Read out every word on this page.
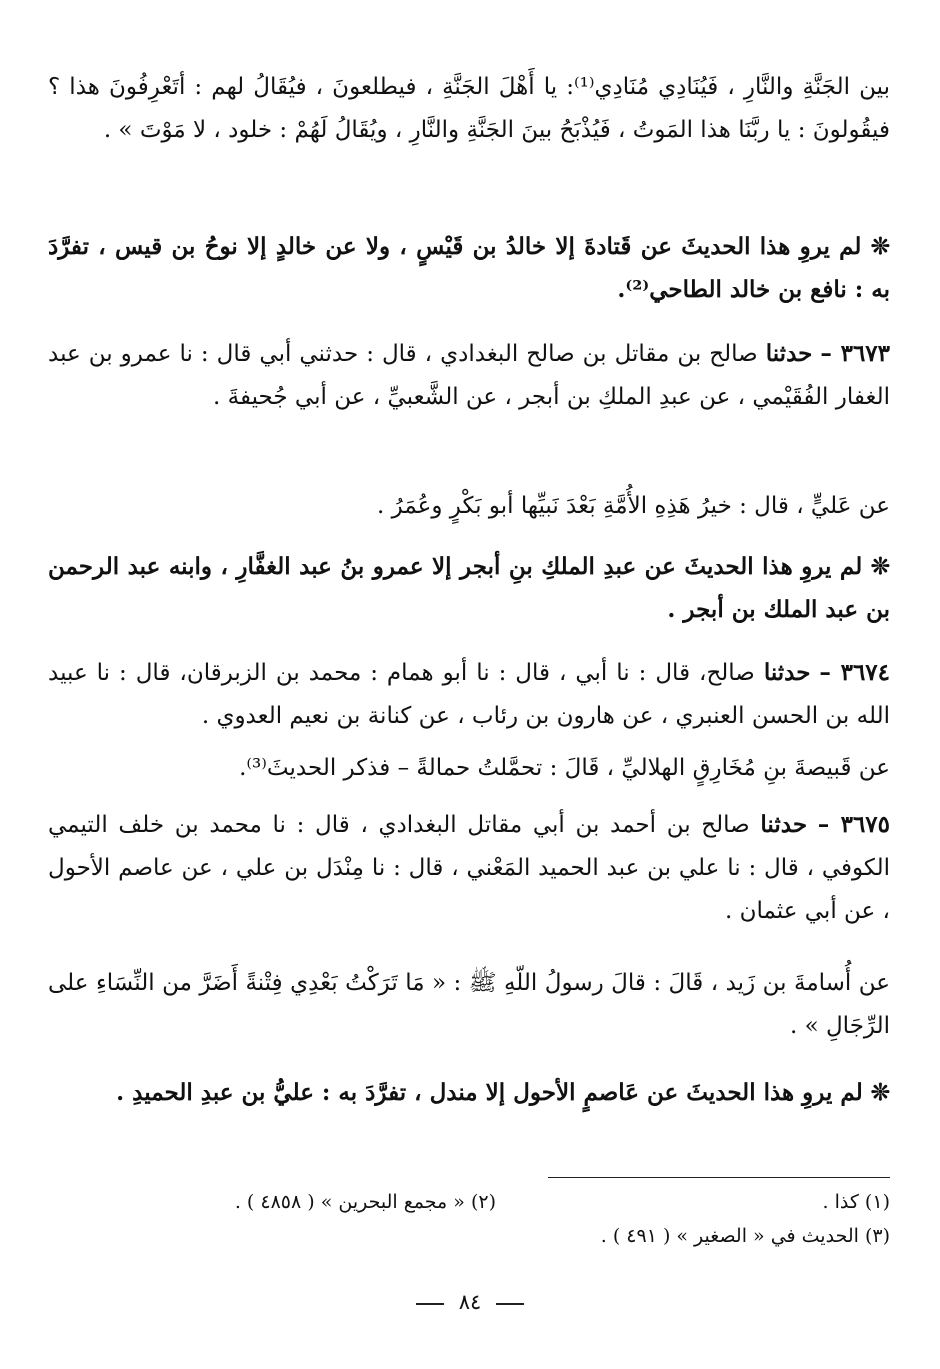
بين الجَنَّةِ والنَّارِ ، فَيُنَادِي مُنَادِي⁽¹⁾: يا أَهْلَ الجَنَّةِ ، فيطلعونَ ، فيُقَالُ لهم : أتَعْرِفُونَ هذا ؟ فيقُولونَ : يا ربَّنَا هذا المَوتُ ، فَيُذْبَحُ بينَ الجَنَّةِ والنَّارِ ، ويُقَالُ لَهُمْ : خلود ، لا مَوْتَ » .

❊ لم يروِ هذا الحديثَ عن قَتادةَ إلا خالدُ بن قَيْسٍ ، ولا عن خالدٍ إلا نوحُ بن قيس ، تفرَّدَ به : نافع بن خالد الطاحي⁽²⁾.

٣٦٧٣ – حدثنا صالح بن مقاتل بن صالح البغدادي ، قال : حدثني أبي قال : نا عمرو بن عبد الغفار الفُقَيْمي ، عن عبدِ الملكِ بن أبجر ، عن الشَّعبيِّ ، عن أبي جُحيفةَ .

عن عَليٍّ ، قال : خيرُ هَذِهِ الأُمَّةِ بَعْدَ نَبيِّها أبو بَكْرٍ وعُمَرُ .

❊ لم يروِ هذا الحديثَ عن عبدِ الملكِ بنِ أبجر إلا عمرو بنُ عبد الغفَّارِ ، وابنه عبد الرحمن بن عبد الملك بن أبجر .

٣٦٧٤ – حدثنا صالح، قال : نا أبي ، قال : نا أبو همام : محمد بن الزبرقان، قال : نا عبيد الله بن الحسن العنبري ، عن هارون بن رئاب ، عن كنانة بن نعيم العدوي .

عن قَبيصةَ بنِ مُخَارِقٍ الهلاليِّ ، قَالَ : تحمَّلتُ حمالةً – فذكر الحديثَ⁽³⁾.

٣٦٧٥ – حدثنا صالح بن أحمد بن أبي مقاتل البغدادي ، قال : نا محمد بن خلف التيمي الكوفي ، قال : نا علي بن عبد الحميد المَعْني ، قال : نا مِنْدَل بن علي ، عن عاصم الأحول ، عن أبي عثمان .

عن أُسامةَ بن زَيد ، قَالَ : قالَ رسولُ اللّهِ ﷺ : « مَا تَرَكْتُ بَعْدِي فِتْنةً أَضَرَّ من النِّسَاءِ على الرِّجَالِ » .

❊ لم يروِ هذا الحديثَ عن عَاصمٍ الأحول إلا مندل ، تفرَّدَ به : عليُّ بن عبدِ الحميدِ .

(١) كذا .
(٢) « مجمع البحرين » ( ٤٨٥٨ ) .
(٣) الحديث في « الصغير » ( ٤٩١ ) .
٨٤
